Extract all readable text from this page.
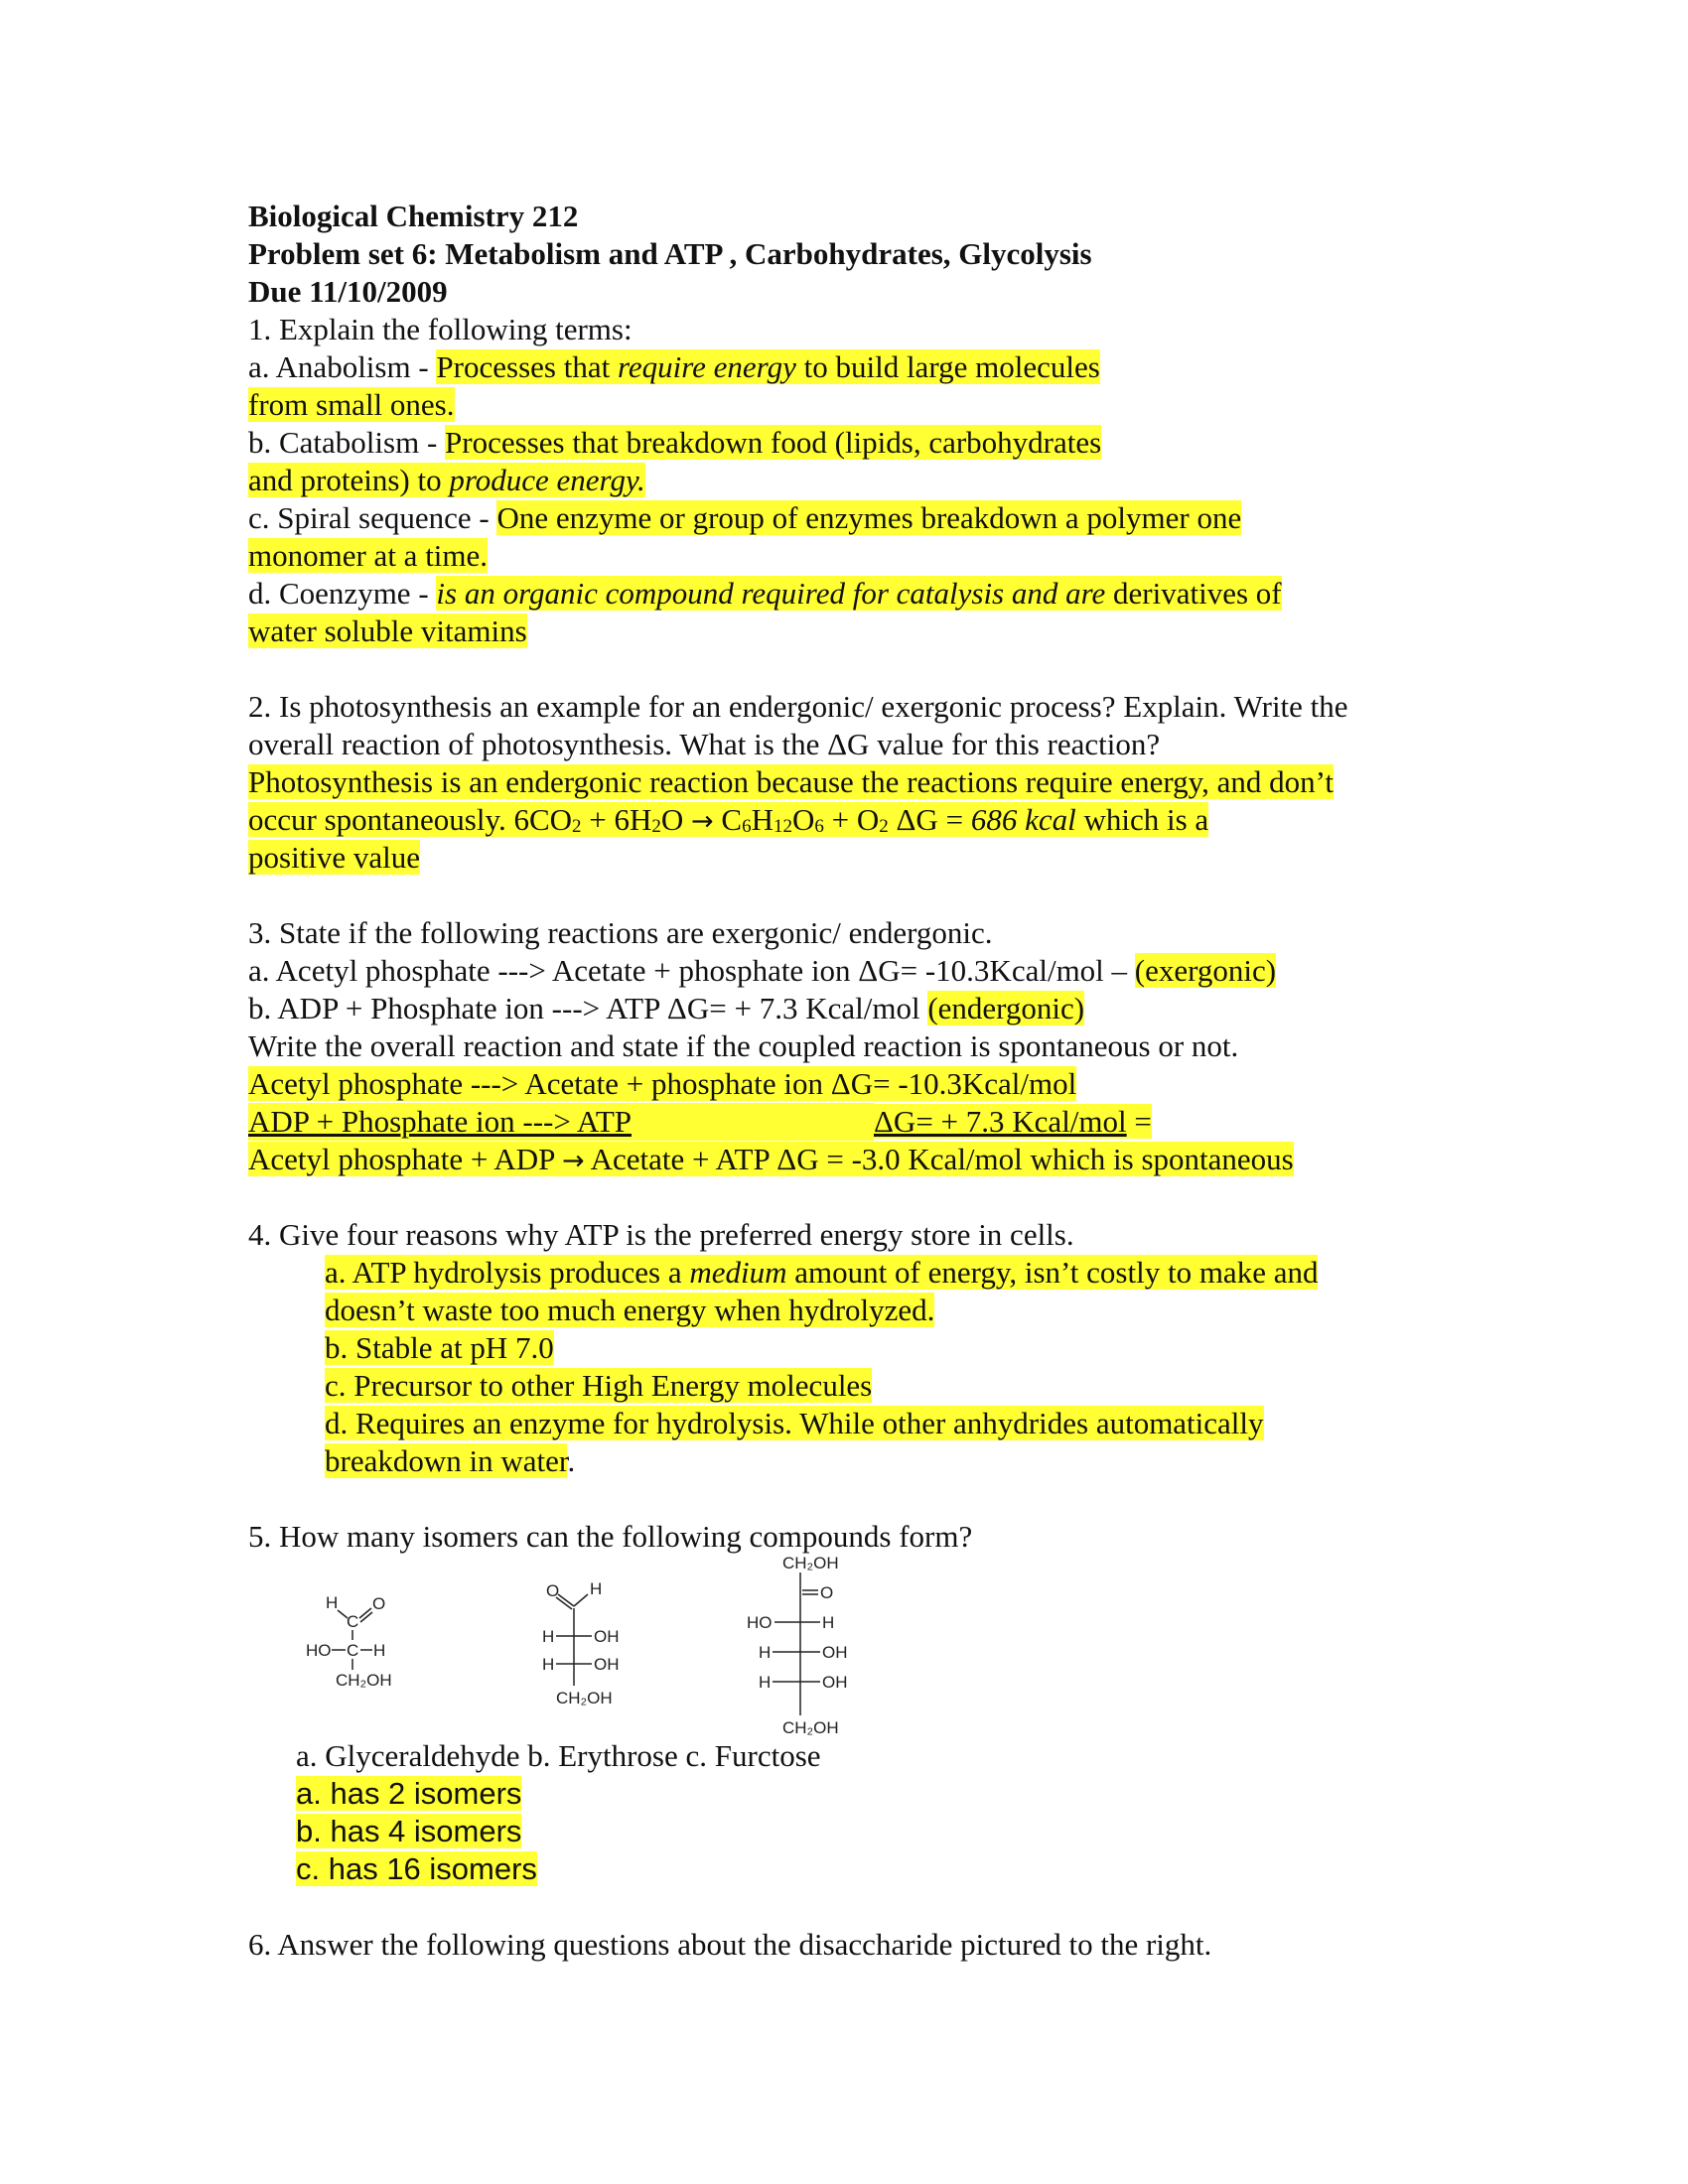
Biological Chemistry 212
Problem set 6: Metabolism and ATP , Carbohydrates, Glycolysis
Due 11/10/2009
1. Explain the following terms:
a. Anabolism - Processes that require energy to build large molecules
from small ones.
b. Catabolism - Processes that breakdown food (lipids, carbohydrates
and proteins) to produce energy.
c. Spiral sequence - One enzyme or group of enzymes breakdown a polymer one
monomer at a time.
d. Coenzyme - is an organic compound required for catalysis and are derivatives of
water soluble vitamins
2. Is photosynthesis an example for an endergonic/ exergonic process? Explain. Write the
overall reaction of photosynthesis. What is the ΔG value for this reaction?
Photosynthesis is an endergonic reaction because the reactions require energy, and don’t
occur spontaneously. $6CO_2 + 6H_2O \to C_6H_{12}O_6 + O_2$ ΔG = 686 kcal which is a
positive value
3. State if the following reactions are exergonic/ endergonic.
a. Acetyl phosphate ---> Acetate + phosphate ion ΔG= -10.3Kcal/mol – (exergonic)
b. ADP + Phosphate ion ---> ATP ΔG= + 7.3 Kcal/mol (endergonic)
Write the overall reaction and state if the coupled reaction is spontaneous or not.
Acetyl phosphate ---> Acetate + phosphate ion ΔG= -10.3Kcal/mol
ADP + Phosphate ion ---> ATP	ΔG= + 7.3 Kcal/mol =
Acetyl phosphate + ADP → Acetate + ATP ΔG = -3.0 Kcal/mol which is spontaneous
4. Give four reasons why ATP is the preferred energy store in cells.
a. ATP hydrolysis produces a medium amount of energy, isn’t costly to make and
doesn’t waste too much energy when hydrolyzed.
b. Stable at pH 7.0
c. Precursor to other High Energy molecules
d. Requires an enzyme for hydrolysis. While other anhydrides automatically
breakdown in water.
5. How many isomers can the following compounds form?
H
C
O
HO C H
CH₂OH
O H
H OH
H OH
CH₂OH
CH₂OH
O
HO	H
H	OH
H	OH
CH₂OH
a. Glyceraldehyde b. Erythrose c. Furctose
a. has 2 isomers
b. has 4 isomers
c. has 16 isomers
6. Answer the following questions about the disaccharide pictured to the right.
